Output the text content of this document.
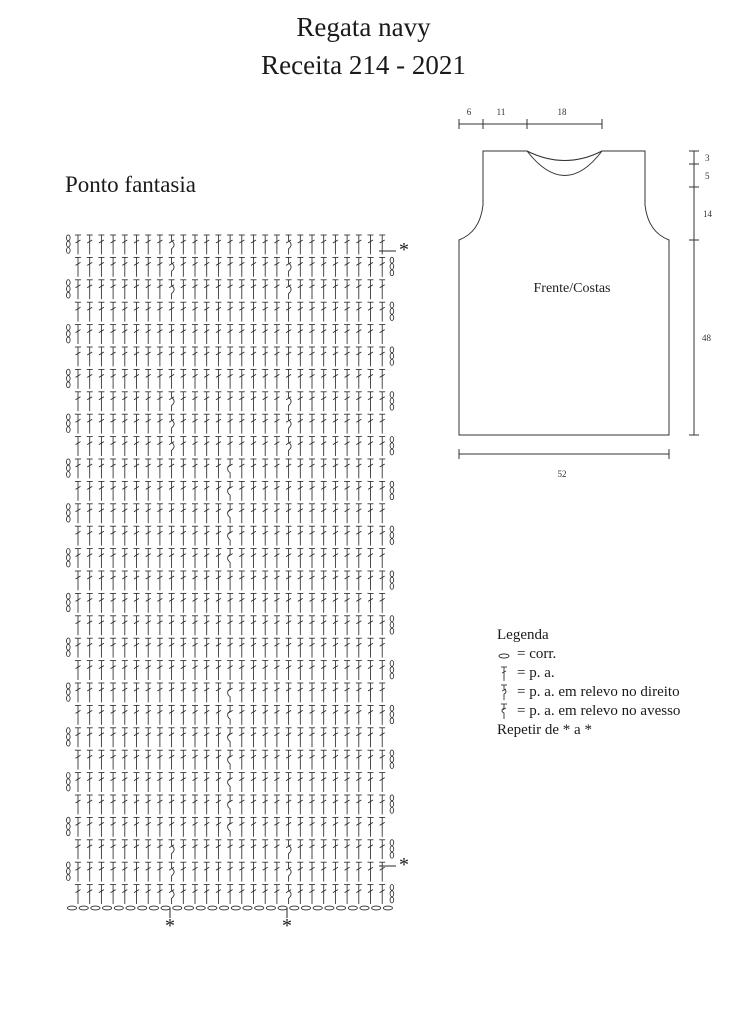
Regata navy
Receita 214 - 2021
Ponto fantasia
*	*
*
*
6	11	18
3
5
14
48
52
Frente/Costas
Legenda
= corr.
= p. a.
= p. a. em relevo no direito
= p. a. em relevo no avesso
Repetir de * a *
